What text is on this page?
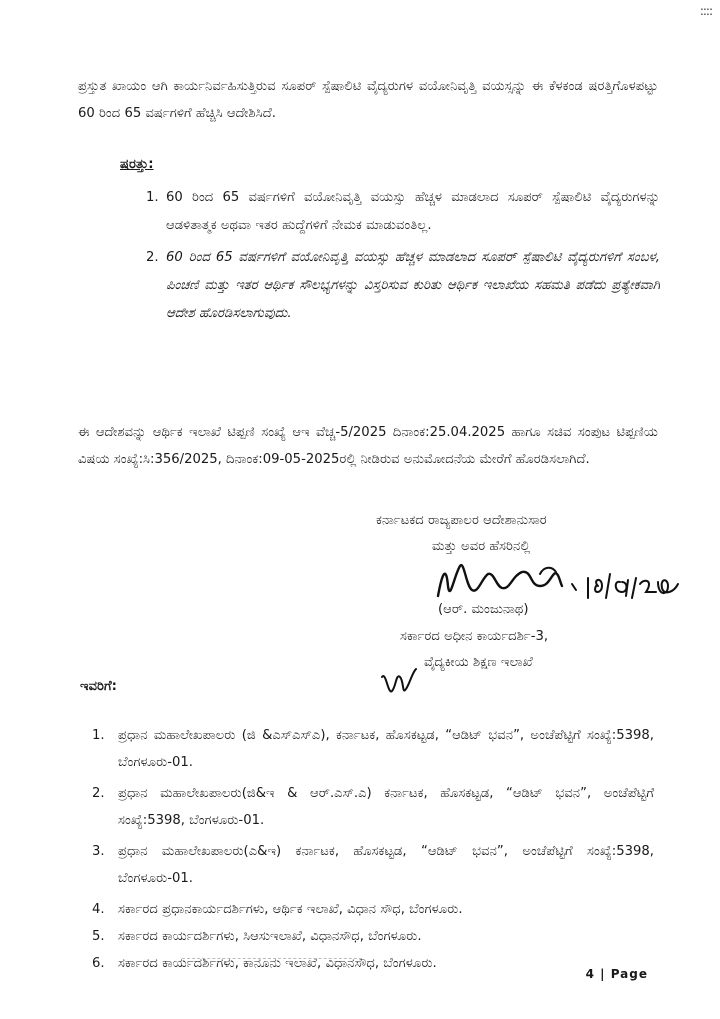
::::
ಪ್ರಸ್ತುತ ಖಾಯಂ ಆಗಿ ಕಾರ್ಯನಿರ್ವಹಿಸುತ್ತಿರುವ ಸೂಪರ್ ಸ್ಪೆಷಾಲಿಟಿ ವೈದ್ಯರುಗಳ ವಯೋನಿವೃತ್ತಿ ವಯಸ್ಸನ್ನು ಈ ಕೆಳಕಂಡ ಷರತ್ತಿಗೊಳಪಟ್ಟು 60 ರಿಂದ 65 ವರ್ಷಗಳಿಗೆ ಹೆಚ್ಚಿಸಿ ಆದೇಶಿಸಿದೆ.
ಷರತ್ತು:
1. 60 ರಿಂದ 65 ವರ್ಷಗಳಿಗೆ ವಯೋನಿವೃತ್ತಿ ವಯಸ್ಸು ಹೆಚ್ಚಳ ಮಾಡಲಾದ ಸೂಪರ್ ಸ್ಪೆಷಾಲಿಟಿ ವೈದ್ಯರುಗಳನ್ನು ಆಡಳಿತಾತ್ಮಕ ಅಥವಾ ಇತರ ಹುದ್ದೆಗಳಿಗೆ ನೇಮಕ ಮಾಡುವಂತಿಲ್ಲ.
2. 60 ರಿಂದ 65 ವರ್ಷಗಳಿಗೆ ವಯೋನಿವೃತ್ತಿ ವಯಸ್ಸು ಹೆಚ್ಚಳ ಮಾಡಲಾದ ಸೂಪರ್ ಸ್ಪೆಷಾಲಿಟಿ ವೈದ್ಯರುಗಳಿಗೆ ಸಂಬಳ, ಪಿಂಚಣಿ ಮತ್ತು ಇತರ ಆರ್ಥಿಕ ಸೌಲಭ್ಯಗಳನ್ನು ವಿಸ್ತರಿಸುವ ಕುರಿತು ಆರ್ಥಿಕ ಇಲಾಖೆಯ ಸಹಮತಿ ಪಡೆದು ಪ್ರತ್ಯೇಕವಾಗಿ ಆದೇಶ ಹೊರಡಿಸಲಾಗುವುದು.
ಈ ಆದೇಶವನ್ನು ಆರ್ಥಿಕ ಇಲಾಖೆ ಟಿಪ್ಪಣಿ ಸಂಖ್ಯೆ ಆಇ ವೆಚ್ಚ-5/2025 ದಿನಾಂಕ:25.04.2025 ಹಾಗೂ ಸಚಿವ ಸಂಪುಟ ಟಿಪ್ಪಣಿಯ ವಿಷಯ ಸಂಖ್ಯೆ:ಸಿ:356/2025, ದಿನಾಂಕ:09-05-2025ರಲ್ಲಿ ನೀಡಿರುವ ಅನುಮೋದನೆಯ ಮೇರೆಗೆ ಹೊರಡಿಸಲಾಗಿದೆ.
ಕರ್ನಾಟಕದ ರಾಜ್ಯಪಾಲರ ಆದೇಶಾನುಸಾರ
ಮತ್ತು ಅವರ ಹೆಸರಿನಲ್ಲಿ
(ಆರ್. ಮಂಜುನಾಥ)
ಸರ್ಕಾರದ ಅಧೀನ ಕಾರ್ಯದರ್ಶಿ-3,
ವೈದ್ಯಕೀಯ ಶಿಕ್ಷಣ ಇಲಾಖೆ
ಇವರಿಗೆ:
1. ಪ್ರಧಾನ ಮಹಾಲೇಖಪಾಲರು (ಜಿ &ಎಸ್ಎಸ್ಎ), ಕರ್ನಾಟಕ, ಹೊಸಕಟ್ಟಡ, “ಆಡಿಟ್ ಭವನ”, ಅಂಚೆಪೆಟ್ಟಿಗೆ ಸಂಖ್ಯೆ:5398, ಬೆಂಗಳೂರು-01.
2. ಪ್ರಧಾನ ಮಹಾಲೇಖಪಾಲರು(ಜಿ&ಇ & ಆರ್.ಎಸ್.ಎ) ಕರ್ನಾಟಕ, ಹೊಸಕಟ್ಟಡ, “ಆಡಿಟ್ ಭವನ”, ಅಂಚೆಪೆಟ್ಟಿಗೆ ಸಂಖ್ಯೆ:5398, ಬೆಂಗಳೂರು-01.
3. ಪ್ರಧಾನ ಮಹಾಲೇಖಪಾಲರು(ಎ&ಇ) ಕರ್ನಾಟಕ, ಹೊಸಕಟ್ಟಡ, “ಆಡಿಟ್ ಭವನ”, ಅಂಚೆಪೆಟ್ಟಿಗೆ ಸಂಖ್ಯೆ:5398, ಬೆಂಗಳೂರು-01.
4. ಸರ್ಕಾರದ ಪ್ರಧಾನಕಾರ್ಯದರ್ಶಿಗಳು, ಆರ್ಥಿಕ ಇಲಾಖೆ, ವಿಧಾನ ಸೌಧ, ಬೆಂಗಳೂರು.
5. ಸರ್ಕಾರದ ಕಾರ್ಯದರ್ಶಿಗಳು, ಸಿಆಸುಇಲಾಖೆ, ವಿಧಾನಸೌಧ, ಬೆಂಗಳೂರು.
6. ಸರ್ಕಾರದ ಕಾರ್ಯದರ್ಶಿಗಳು, ಕಾನೂನು ಇಲಾಖೆ, ವಿಧಾನಸೌಧ, ಬೆಂಗಳೂರು.
4 | Page
